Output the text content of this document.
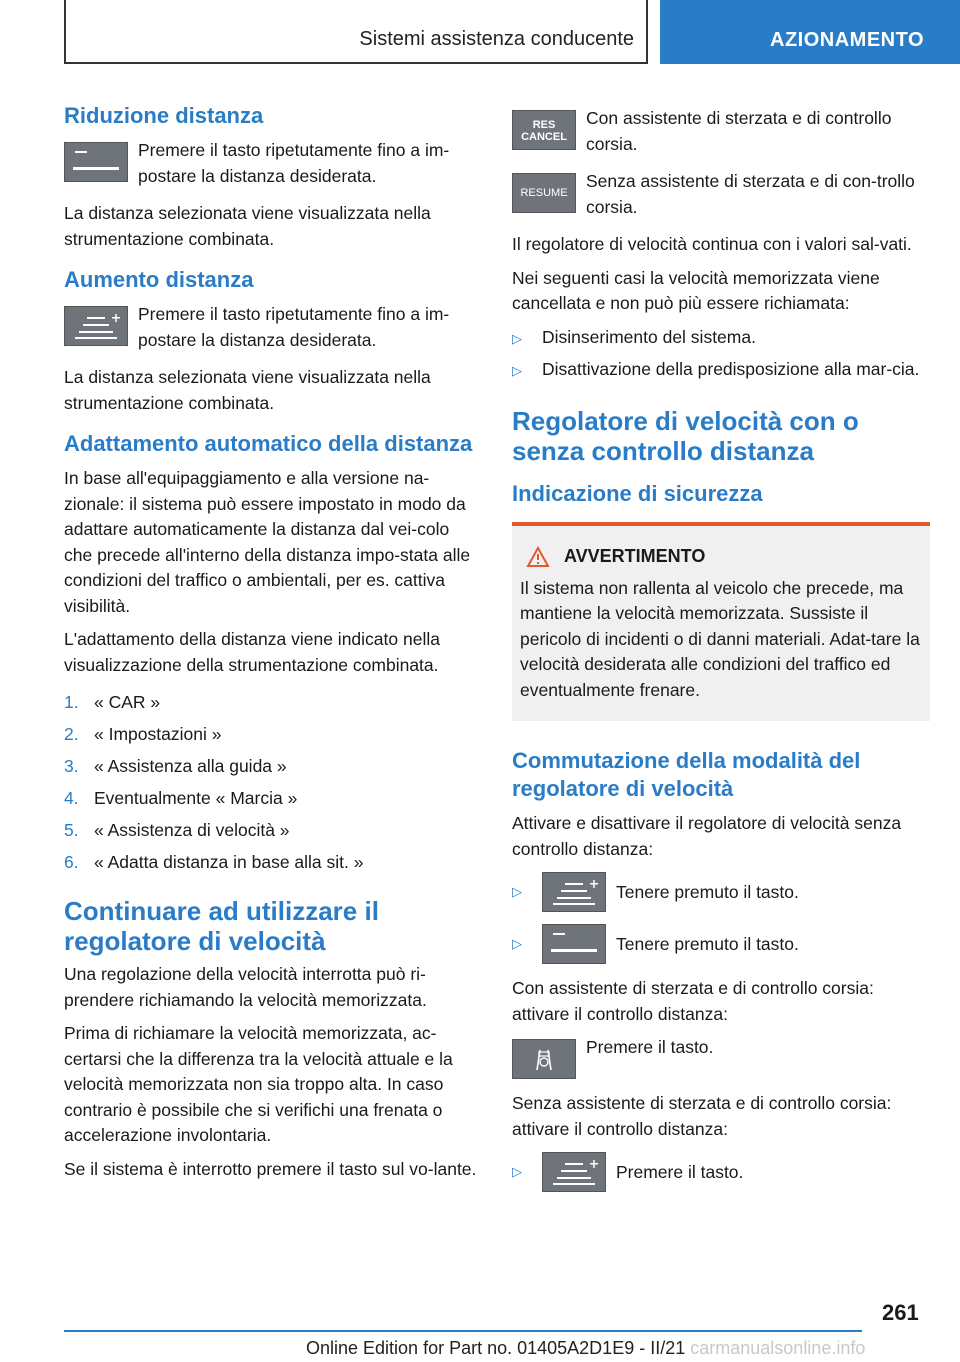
Sistemi assistenza conducente	AZIONAMENTO
Riduzione distanza
Premere il tasto ripetutamente fino a im-postare la distanza desiderata.

La distanza selezionata viene visualizzata nella strumentazione combinata.

Aumento distanza
Premere il tasto ripetutamente fino a im-postare la distanza desiderata.

La distanza selezionata viene visualizzata nella strumentazione combinata.

Adattamento automatico della distanza

In base all'equipaggiamento e alla versione na-zionale: il sistema può essere impostato in modo da adattare automaticamente la distanza dal vei-colo che precede all'interno della distanza impo-stata alle condizioni del traffico o ambientali, per es. cattiva visibilità.

L'adattamento della distanza viene indicato nella visualizzazione della strumentazione combinata.

1. « CAR »
2. « Impostazioni »
3. « Assistenza alla guida »
4. Eventualmente « Marcia »
5. « Assistenza di velocità »
6. « Adatta distanza in base alla sit. »
Continuare ad utilizzare il regolatore di velocità

Una regolazione della velocità interrotta può ri-prendere richiamando la velocità memorizzata.

Prima di richiamare la velocità memorizzata, ac-certarsi che la differenza tra la velocità attuale e la velocità memorizzata non sia troppo alta. In caso contrario è possibile che si verifichi una frenata o accelerazione involontaria.

Se il sistema è interrotto premere il tasto sul vo-lante.

RES
CANCEL
Con assistente di sterzata e di controllo corsia.
RESUME
Senza assistente di sterzata e di con-trollo corsia.

Il regolatore di velocità continua con i valori sal-vati.

Nei seguenti casi la velocità memorizzata viene cancellata e non può più essere richiamata:

▷	Disinserimento del sistema.
▷	Disattivazione della predisposizione alla mar-cia.
Regolatore di velocità con o senza controllo distanza
Indicazione di sicurezza
AVVERTIMENTO

Il sistema non rallenta al veicolo che precede, ma mantiene la velocità memorizzata. Sussiste il pericolo di incidenti o di danni materiali. Adat-tare la velocità desiderata alle condizioni del traffico ed eventualmente frenare.

Commutazione della modalità del regolatore di velocità

Attivare e disattivare il regolatore di velocità senza controllo distanza:

▷	Tenere premuto il tasto.
▷	Tenere premuto il tasto.

Con assistente di sterzata e di controllo corsia: attivare il controllo distanza:

Premere il tasto.

Senza assistente di sterzata e di controllo corsia: attivare il controllo distanza:

▷	Premere il tasto.
261
Online Edition for Part no. 01405A2D1E9 - II/21 carmanualsonline.info
